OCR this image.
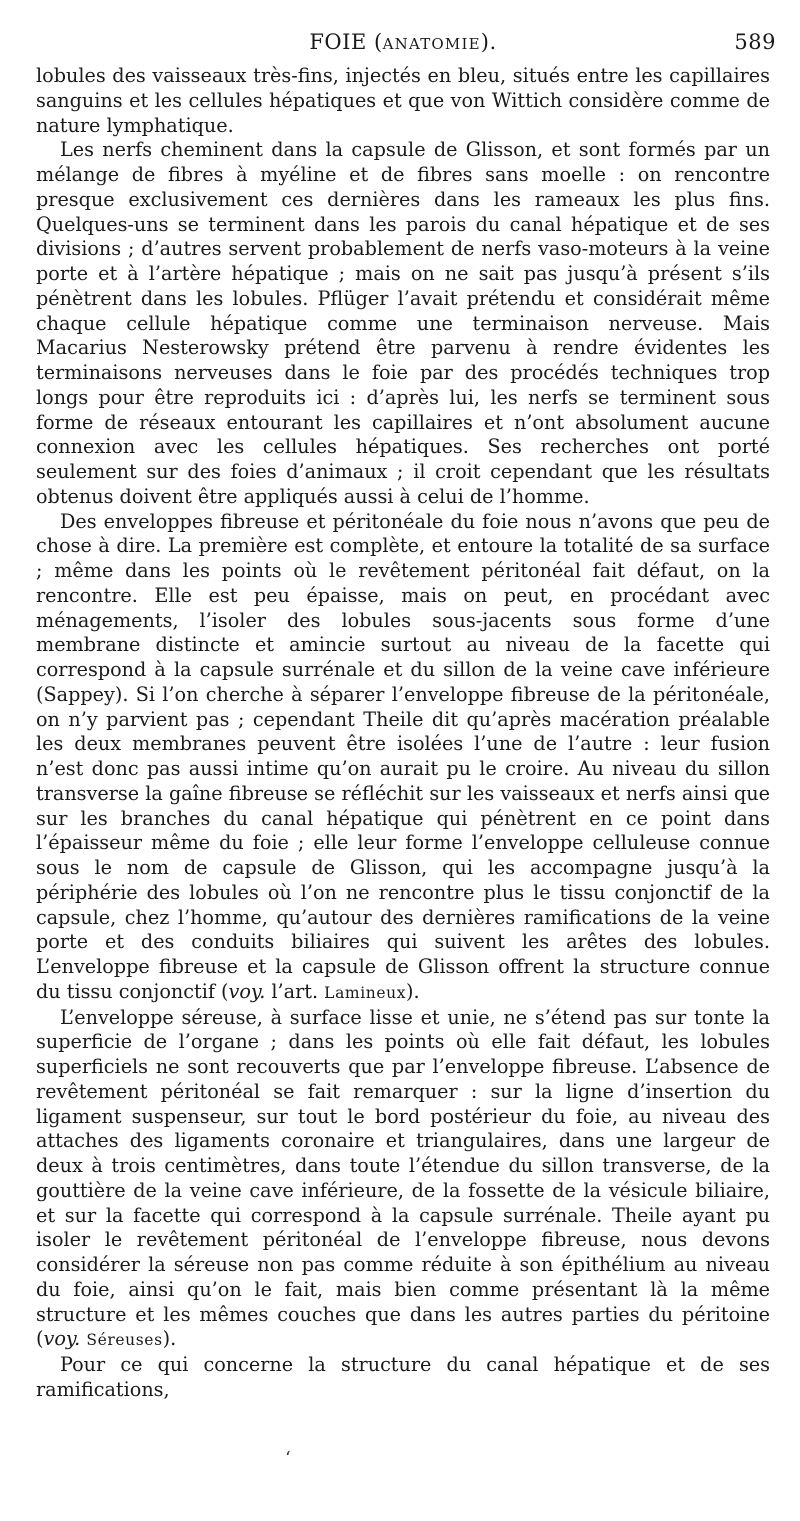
FOIE (ANATOMIE).	589

lobules des vaisseaux très-fins, injectés en bleu, situés entre les capillaires sanguins et les cellules hépatiques et que von Wittich considère comme de nature lymphatique.

Les nerfs cheminent dans la capsule de Glisson, et sont formés par un mélange de fibres à myéline et de fibres sans moelle : on rencontre presque exclusivement ces dernières dans les rameaux les plus fins. Quelques-uns se terminent dans les parois du canal hépatique et de ses divisions ; d’autres servent probablement de nerfs vaso-moteurs à la veine porte et à l’artère hépatique ; mais on ne sait pas jusqu’à présent s’ils pénètrent dans les lobules. Pflüger l’avait prétendu et considérait même chaque cellule hépatique comme une terminaison nerveuse. Mais Macarius Nesterowsky prétend être parvenu à rendre évidentes les terminaisons nerveuses dans le foie par des procédés techniques trop longs pour être reproduits ici : d’après lui, les nerfs se terminent sous forme de réseaux entourant les capillaires et n’ont absolument aucune connexion avec les cellules hépatiques. Ses recherches ont porté seulement sur des foies d’animaux ; il croit cependant que les résultats obtenus doivent être appliqués aussi à celui de l’homme.

Des enveloppes fibreuse et péritonéale du foie nous n’avons que peu de chose à dire. La première est complète, et entoure la totalité de sa surface ; même dans les points où le revêtement péritonéal fait défaut, on la rencontre. Elle est peu épaisse, mais on peut, en procédant avec ménagements, l’isoler des lobules sous-jacents sous forme d’une membrane distincte et amincie surtout au niveau de la facette qui correspond à la capsule surrénale et du sillon de la veine cave inférieure (Sappey). Si l’on cherche à séparer l’enveloppe fibreuse de la péritonéale, on n’y parvient pas ; cependant Theile dit qu’après macération préalable les deux membranes peuvent être isolées l’une de l’autre : leur fusion n’est donc pas aussi intime qu’on aurait pu le croire. Au niveau du sillon transverse la gaîne fibreuse se réfléchit sur les vaisseaux et nerfs ainsi que sur les branches du canal hépatique qui pénètrent en ce point dans l’épaisseur même du foie ; elle leur forme l’enveloppe celluleuse connue sous le nom de capsule de Glisson, qui les accompagne jusqu’à la périphérie des lobules où l’on ne rencontre plus le tissu conjonctif de la capsule, chez l’homme, qu’autour des dernières ramifications de la veine porte et des conduits biliaires qui suivent les arêtes des lobules. L’enveloppe fibreuse et la capsule de Glisson offrent la structure connue du tissu conjonctif (voy. l’art. Lamineux).

L’enveloppe séreuse, à surface lisse et unie, ne s’étend pas sur tonte la superficie de l’organe ; dans les points où elle fait défaut, les lobules superficiels ne sont recouverts que par l’enveloppe fibreuse. L’absence de revêtement péritonéal se fait remarquer : sur la ligne d’insertion du ligament suspenseur, sur tout le bord postérieur du foie, au niveau des attaches des ligaments coronaire et triangulaires, dans une largeur de deux à trois centimètres, dans toute l’étendue du sillon transverse, de la gouttière de la veine cave inférieure, de la fossette de la vésicule biliaire, et sur la facette qui correspond à la capsule surrénale. Theile ayant pu isoler le revêtement péritonéal de l’enveloppe fibreuse, nous devons considérer la séreuse non pas comme réduite à son épithélium au niveau du foie, ainsi qu’on le fait, mais bien comme présentant là la même structure et les mêmes couches que dans les autres parties du péritoine (voy. Séreuses).

Pour ce qui concerne la structure du canal hépatique et de ses ramifications,

ʻ
